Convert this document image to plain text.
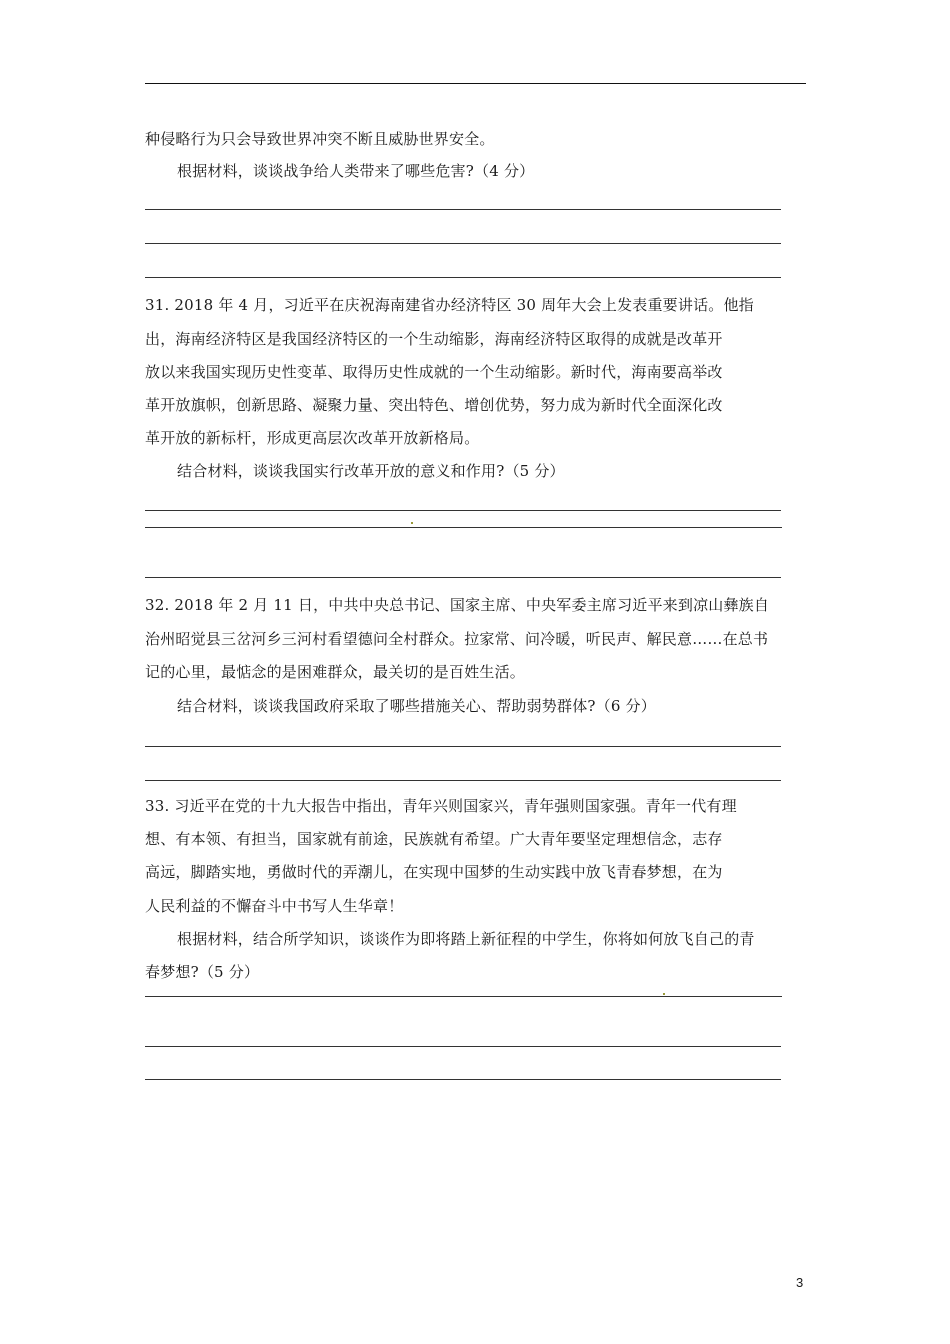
种侵略行为只会导致世界冲突不断且威胁世界安全。
根据材料，谈谈战争给人类带来了哪些危害?（4 分）
31. 2018 年 4 月，习近平在庆祝海南建省办经济特区 30 周年大会上发表重要讲话。他指
出，海南经济特区是我国经济特区的一个生动缩影，海南经济特区取得的成就是改革开
放以来我国实现历史性变革、取得历史性成就的一个生动缩影。新时代，海南要高举改
革开放旗帜，创新思路、凝聚力量、突出特色、增创优势，努力成为新时代全面深化改
革开放的新标杆，形成更高层次改革开放新格局。
结合材料，谈谈我国实行改革开放的意义和作用?（5 分）
32. 2018 年 2 月 11 日，中共中央总书记、国家主席、中央军委主席习近平来到凉山彝族自
治州昭觉县三岔河乡三河村看望德问全村群众。拉家常、问冷暖，听民声、解民意……在总书
记的心里，最惦念的是困难群众，最关切的是百姓生活。
结合材料，谈谈我国政府采取了哪些措施关心、帮助弱势群体?（6 分）
33. 习近平在党的十九大报告中指出，青年兴则国家兴，青年强则国家强。青年一代有理
想、有本领、有担当，国家就有前途，民族就有希望。广大青年要坚定理想信念，志存
高远，脚踏实地，勇做时代的弄潮儿，在实现中国梦的生动实践中放飞青春梦想，在为
人民利益的不懈奋斗中书写人生华章！
根据材料，结合所学知识，谈谈作为即将踏上新征程的中学生，你将如何放飞自己的青
春梦想?（5 分）
3
